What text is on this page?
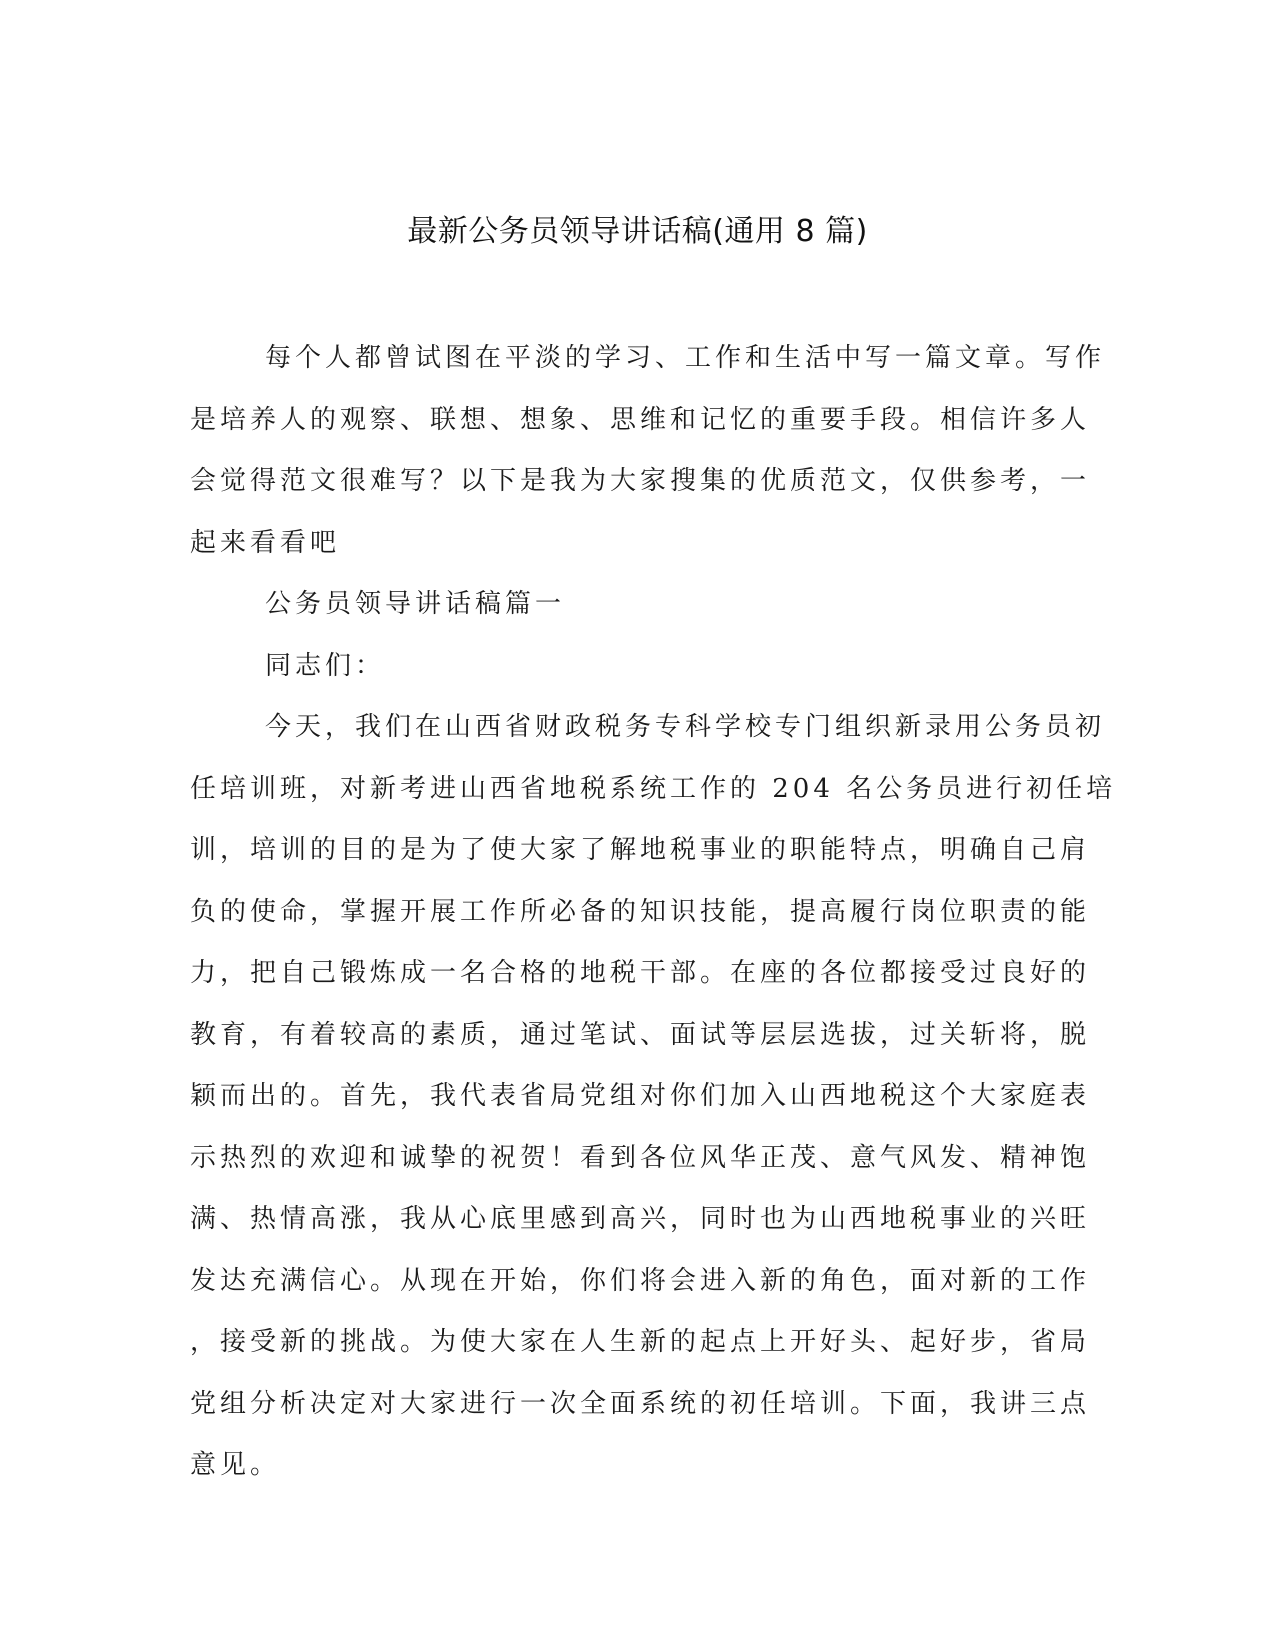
最新公务员领导讲话稿(通用 8 篇)
每个人都曾试图在平淡的学习、工作和生活中写一篇文章。写作
是培养人的观察、联想、想象、思维和记忆的重要手段。相信许多人
会觉得范文很难写？以下是我为大家搜集的优质范文，仅供参考，一
起来看看吧
公务员领导讲话稿篇一
同志们：
今天，我们在山西省财政税务专科学校专门组织新录用公务员初
任培训班，对新考进山西省地税系统工作的 204 名公务员进行初任培
训，培训的目的是为了使大家了解地税事业的职能特点，明确自己肩
负的使命，掌握开展工作所必备的知识技能，提高履行岗位职责的能
力，把自己锻炼成一名合格的地税干部。在座的各位都接受过良好的
教育，有着较高的素质，通过笔试、面试等层层选拔，过关斩将，脱
颖而出的。首先，我代表省局党组对你们加入山西地税这个大家庭表
示热烈的欢迎和诚挚的祝贺！看到各位风华正茂、意气风发、精神饱
满、热情高涨，我从心底里感到高兴，同时也为山西地税事业的兴旺
发达充满信心。从现在开始，你们将会进入新的角色，面对新的工作
，接受新的挑战。为使大家在人生新的起点上开好头、起好步，省局
党组分析决定对大家进行一次全面系统的初任培训。下面，我讲三点
意见。
